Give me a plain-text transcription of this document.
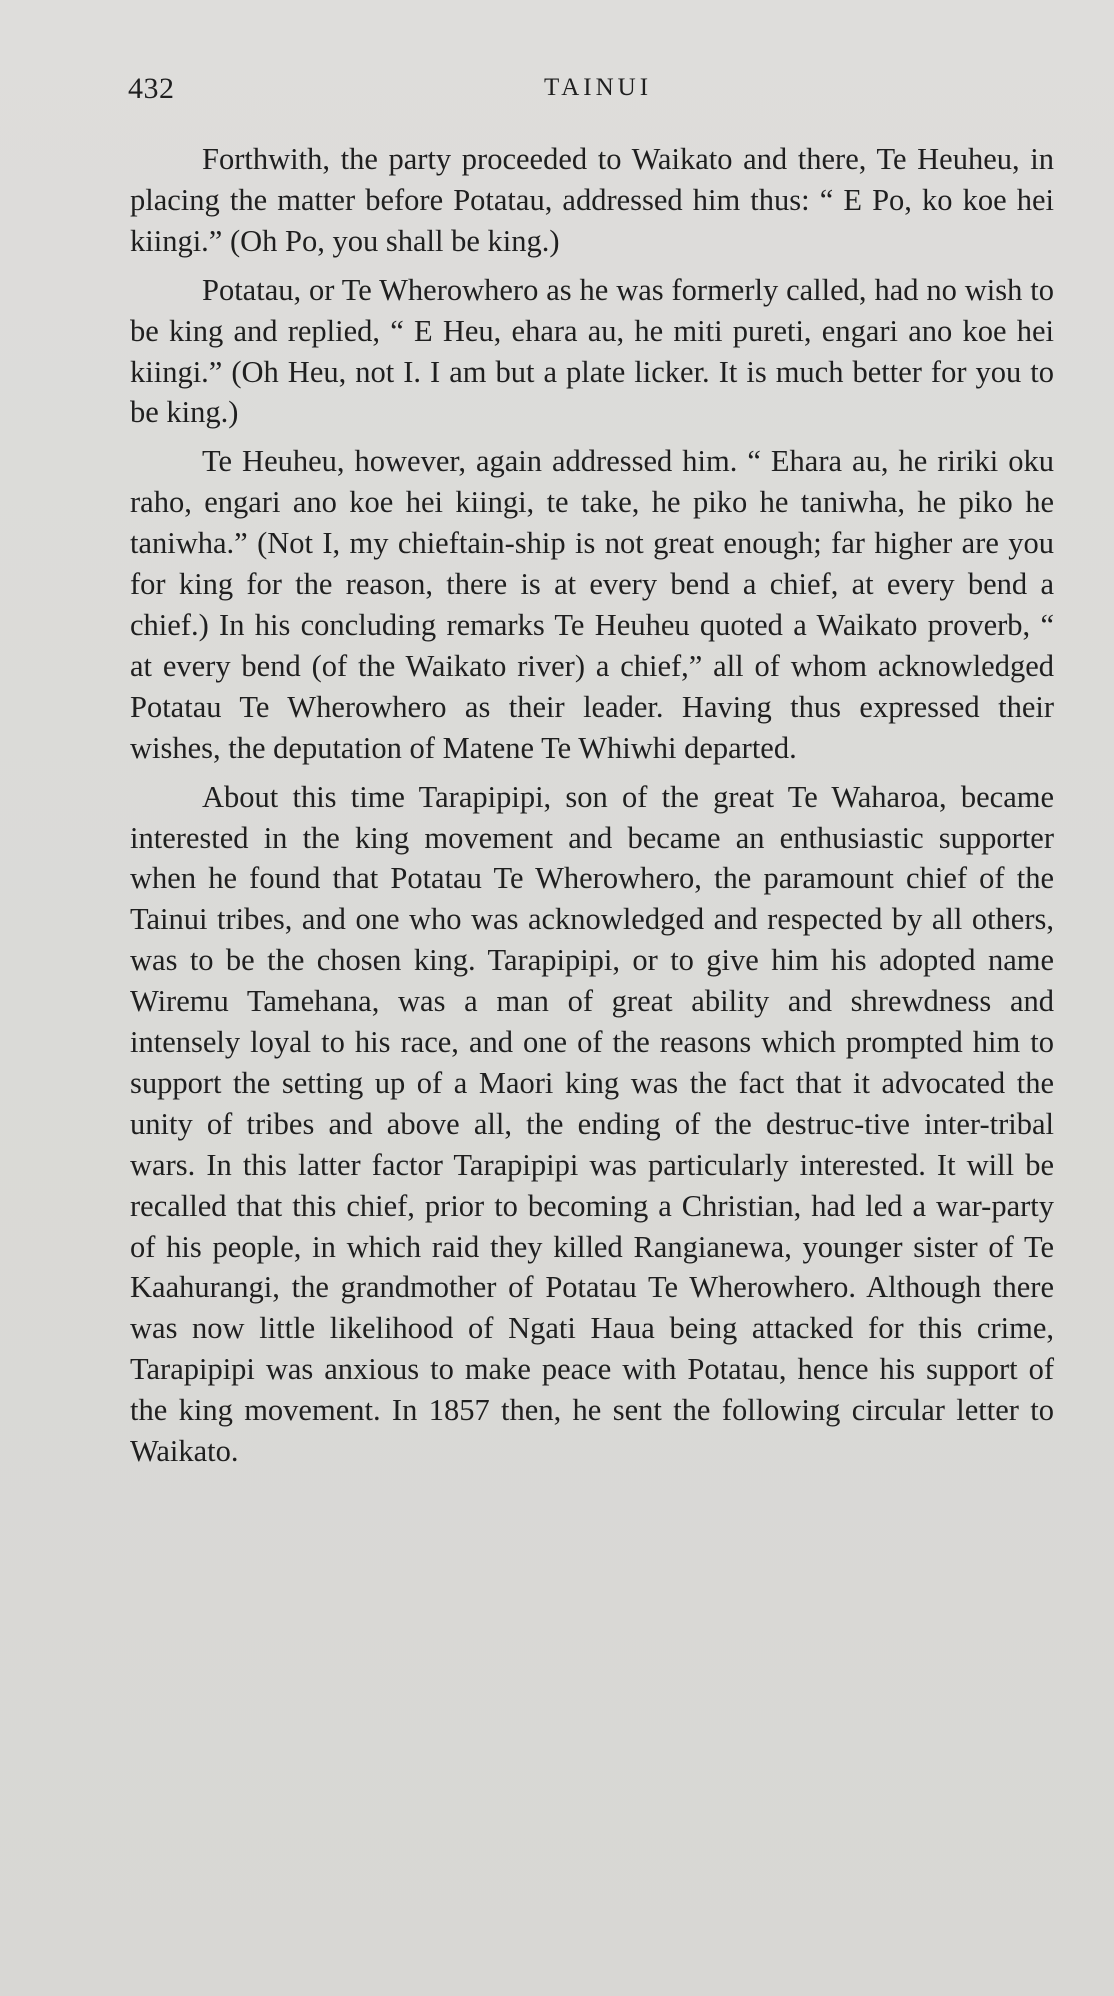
432	TAINUI

Forthwith, the party proceeded to Waikato and there, Te Heuheu, in placing the matter before Potatau, addressed him thus: “ E Po, ko koe hei kiingi.” (Oh Po, you shall be king.)

Potatau, or Te Wherowhero as he was formerly called, had no wish to be king and replied, “ E Heu, ehara au, he miti pureti, engari ano koe hei kiingi.” (Oh Heu, not I. I am but a plate licker. It is much better for you to be king.)

Te Heuheu, however, again addressed him. “ Ehara au, he ririki oku raho, engari ano koe hei kiingi, te take, he piko he taniwha, he piko he taniwha.” (Not I, my chieftain-ship is not great enough; far higher are you for king for the reason, there is at every bend a chief, at every bend a chief.) In his concluding remarks Te Heuheu quoted a Waikato proverb, “ at every bend (of the Waikato river) a chief,” all of whom acknowledged Potatau Te Wherowhero as their leader. Having thus expressed their wishes, the deputation of Matene Te Whiwhi departed.

About this time Tarapipipi, son of the great Te Waharoa, became interested in the king movement and became an enthusiastic supporter when he found that Potatau Te Wherowhero, the paramount chief of the Tainui tribes, and one who was acknowledged and respected by all others, was to be the chosen king. Tarapipipi, or to give him his adopted name Wiremu Tamehana, was a man of great ability and shrewdness and intensely loyal to his race, and one of the reasons which prompted him to support the setting up of a Maori king was the fact that it advocated the unity of tribes and above all, the ending of the destruc-tive inter-tribal wars. In this latter factor Tarapipipi was particularly interested. It will be recalled that this chief, prior to becoming a Christian, had led a war-party of his people, in which raid they killed Rangianewa, younger sister of Te Kaahurangi, the grandmother of Potatau Te Wherowhero. Although there was now little likelihood of Ngati Haua being attacked for this crime, Tarapipipi was anxious to make peace with Potatau, hence his support of the king movement. In 1857 then, he sent the following circular letter to Waikato.
